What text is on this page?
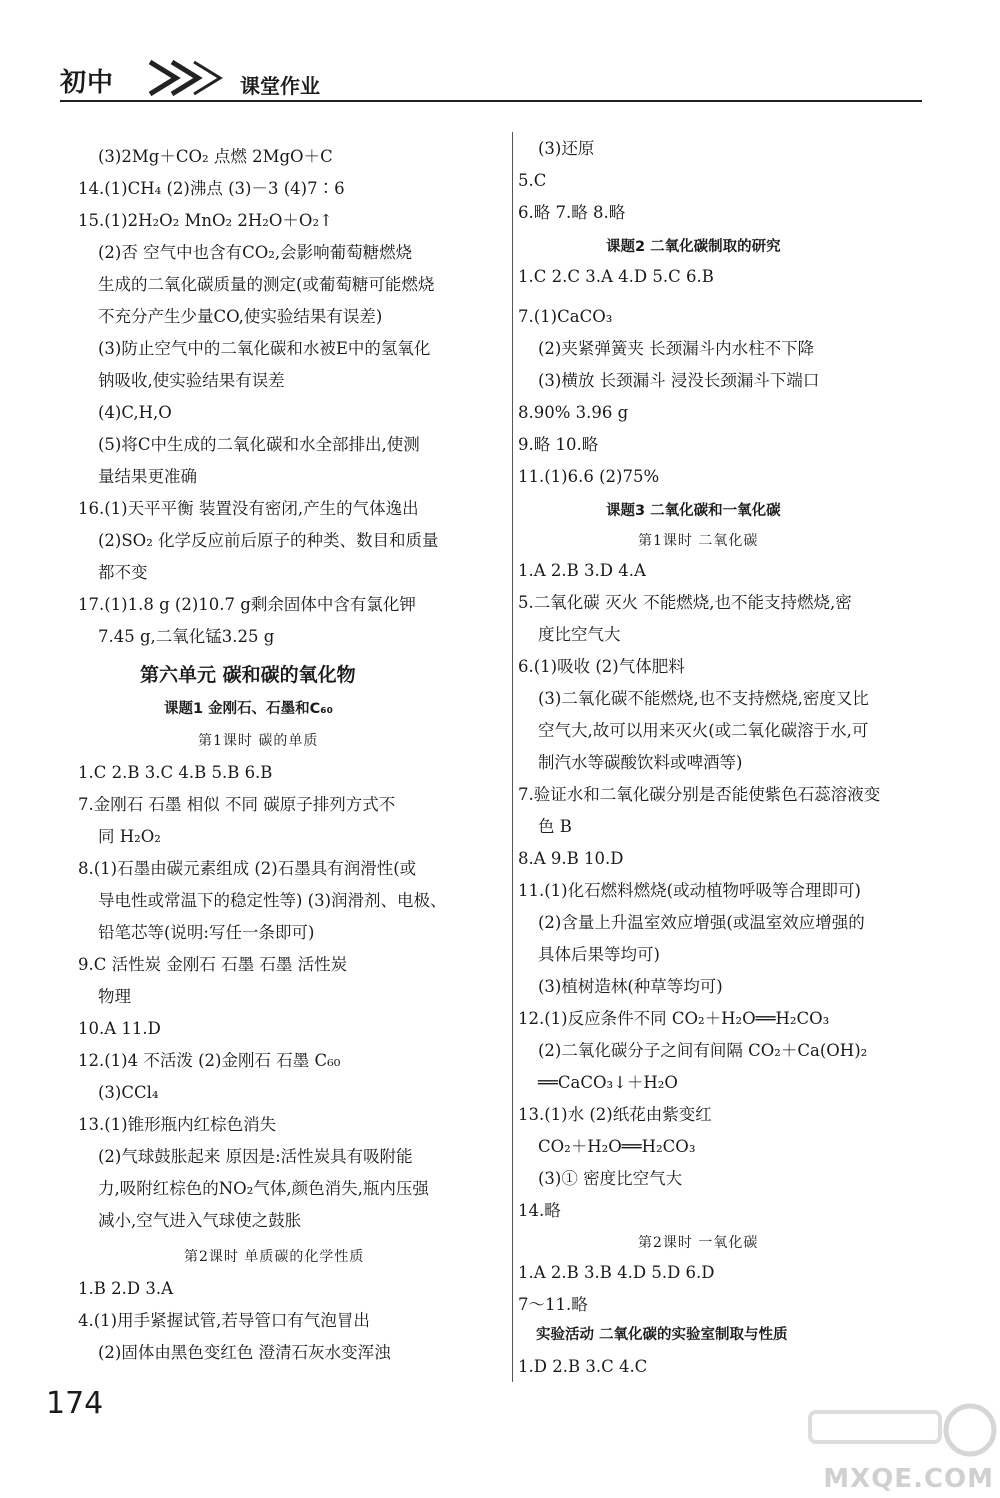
初中	课堂作业
(3)2Mg＋CO₂ 点燃 2MgO＋C
14.(1)CH₄ (2)沸点 (3)－3 (4)7∶6
15.(1)2H₂O₂ MnO₂ 2H₂O＋O₂↑
(2)否 空气中也含有CO₂,会影响葡萄糖燃烧
生成的二氧化碳质量的测定(或葡萄糖可能燃烧
不充分产生少量CO,使实验结果有误差)
(3)防止空气中的二氧化碳和水被E中的氢氧化
钠吸收,使实验结果有误差
(4)C,H,O
(5)将C中生成的二氧化碳和水全部排出,使测
量结果更准确
16.(1)天平平衡 装置没有密闭,产生的气体逸出
(2)SO₂ 化学反应前后原子的种类、数目和质量
都不变
17.(1)1.8 g (2)10.7 g剩余固体中含有氯化钾
7.45 g,二氧化锰3.25 g
第六单元 碳和碳的氧化物
课题1 金刚石、石墨和C₆₀
第1课时 碳的单质
1.C 2.B 3.C 4.B 5.B 6.B
7.金刚石 石墨 相似 不同 碳原子排列方式不
同 H₂O₂
8.(1)石墨由碳元素组成 (2)石墨具有润滑性(或
导电性或常温下的稳定性等) (3)润滑剂、电极、
铅笔芯等(说明:写任一条即可)
9.C 活性炭 金刚石 石墨 石墨 活性炭
物理
10.A 11.D
12.(1)4 不活泼 (2)金刚石 石墨 C₆₀
(3)CCl₄
13.(1)锥形瓶内红棕色消失
(2)气球鼓胀起来 原因是:活性炭具有吸附能
力,吸附红棕色的NO₂气体,颜色消失,瓶内压强
减小,空气进入气球使之鼓胀
第2课时 单质碳的化学性质
1.B 2.D 3.A
4.(1)用手紧握试管,若导管口有气泡冒出
(2)固体由黑色变红色 澄清石灰水变浑浊
(3)还原
5.C
6.略 7.略 8.略
课题2 二氧化碳制取的研究
1.C 2.C 3.A 4.D 5.C 6.B
7.(1)CaCO₃
(2)夹紧弹簧夹 长颈漏斗内水柱不下降
(3)横放 长颈漏斗 浸没长颈漏斗下端口
8.90% 3.96 g
9.略 10.略
11.(1)6.6 (2)75%
课题3 二氧化碳和一氧化碳
第1课时 二氧化碳
1.A 2.B 3.D 4.A
5.二氧化碳 灭火 不能燃烧,也不能支持燃烧,密
度比空气大
6.(1)吸收 (2)气体肥料
(3)二氧化碳不能燃烧,也不支持燃烧,密度又比
空气大,故可以用来灭火(或二氧化碳溶于水,可
制汽水等碳酸饮料或啤酒等)
7.验证水和二氧化碳分别是否能使紫色石蕊溶液变
色 B
8.A 9.B 10.D
11.(1)化石燃料燃烧(或动植物呼吸等合理即可)
(2)含量上升温室效应增强(或温室效应增强的
具体后果等均可)
(3)植树造林(种草等均可)
12.(1)反应条件不同 CO₂＋H₂O══H₂CO₃
(2)二氧化碳分子之间有间隔 CO₂＋Ca(OH)₂
══CaCO₃↓＋H₂O
13.(1)水 (2)纸花由紫变红
CO₂＋H₂O══H₂CO₃
(3)① 密度比空气大
14.略
第2课时 一氧化碳
1.A 2.B 3.B 4.D 5.D 6.D
7～11.略
实验活动 二氧化碳的实验室制取与性质
1.D 2.B 3.C 4.C
174
MXQE.COM
